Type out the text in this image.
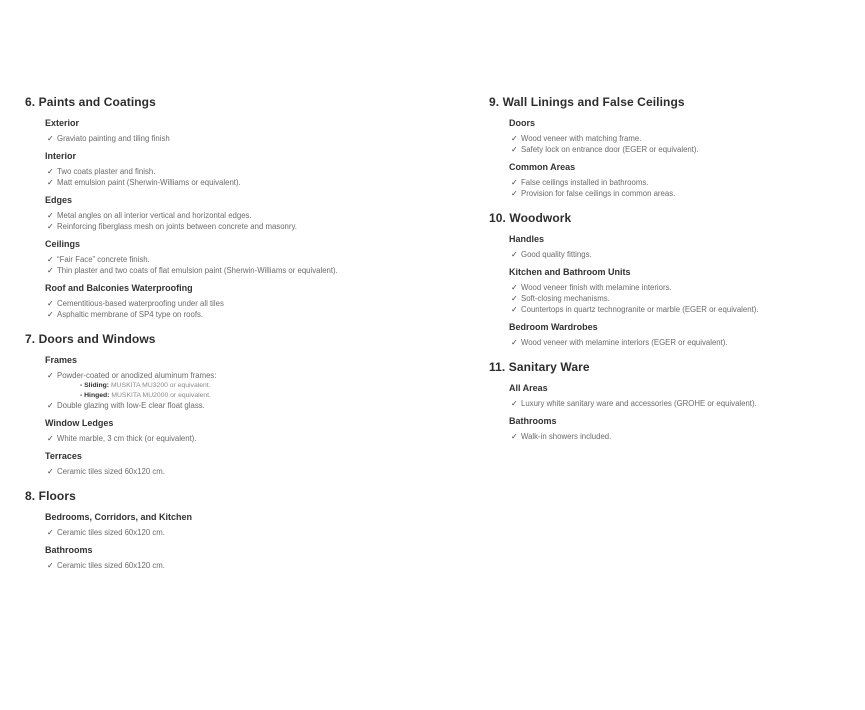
6. Paints and Coatings
Exterior
✓ Graviato painting and tiling finish
Interior
✓ Two coats plaster and finish.
✓ Matt emulsion paint (Sherwin-Williams or equivalent).
Edges
✓ Metal angles on all interior vertical and horizontal edges.
✓ Reinforcing fiberglass mesh on joints between concrete and masonry.
Ceilings
✓ “Fair Face” concrete finish.
✓ Thin plaster and two coats of flat emulsion paint (Sherwin-Williams or equivalent).
Roof and Balconies Waterproofing
✓ Cementitious-based waterproofing under all tiles
✓ Asphaltic membrane of SP4 type on roofs.
7. Doors and Windows
Frames
✓ Powder-coated or anodized aluminum frames:
- Sliding: MUSKITA MU3200 or equivalent.
- Hinged: MUSKITA MU2000 or equivalent.
✓ Double glazing with low-E clear float glass.
Window Ledges
✓ White marble, 3 cm thick (or equivalent).
Terraces
✓ Ceramic tiles sized 60x120 cm.
8. Floors
Bedrooms, Corridors, and Kitchen
✓ Ceramic tiles sized 60x120 cm.
Bathrooms
✓ Ceramic tiles sized 60x120 cm.
9. Wall Linings and False Ceilings
Doors
✓ Wood veneer with matching frame.
✓ Safety lock on entrance door (EGER or equivalent).
Common Areas
✓ False ceilings installed in bathrooms.
✓ Provision for false ceilings in common areas.
10. Woodwork
Handles
✓ Good quality fittings.
Kitchen and Bathroom Units
✓ Wood veneer finish with melamine interiors.
✓ Soft-closing mechanisms.
✓ Countertops in quartz technogranite or marble (EGER or equivalent).
Bedroom Wardrobes
✓ Wood veneer with melamine interiors (EGER or equivalent).
11. Sanitary Ware
All Areas
✓ Luxury white sanitary ware and accessories (GROHE or equivalent).
Bathrooms
✓ Walk-in showers included.
